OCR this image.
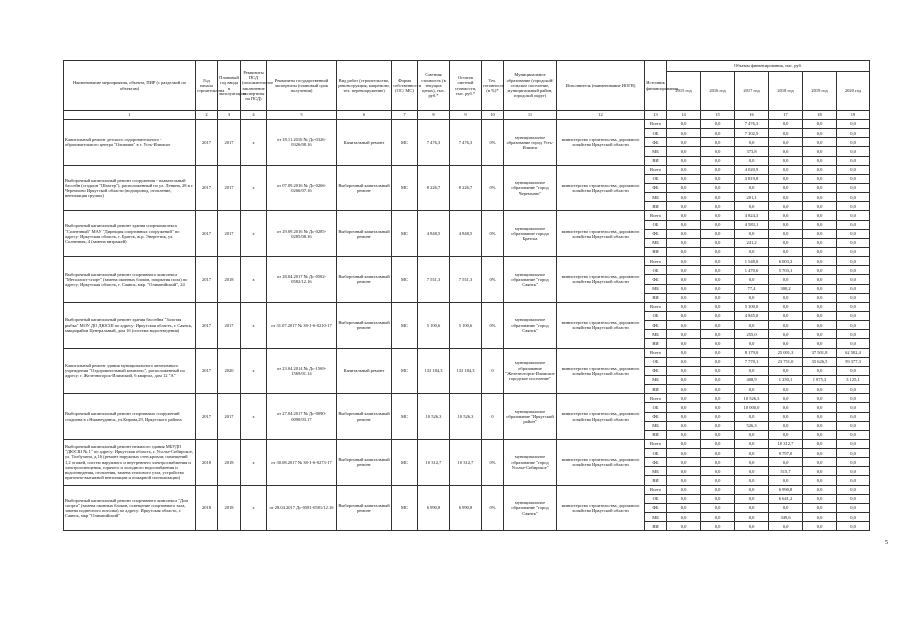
Наименование мероприятия, объекта, ПИР (с разделкой по объектам)	Год начала строительства	Плановый год ввода в эксплуатацию	Реквизиты ПСД (положительное заключение экспертизы на ПСД)	Реквизиты государственной экспертизы (плановый срок получения)	Вид работ (строительство, реконструкция, капремонт, тех. перевооружение)	Форма собственности (ОС/ МС)	Сметная стоимость (в текущих ценах), тыс. руб.*	Остаток сметной стоимости, тыс. руб.*	Тех. готовность (в %)*	Муниципальное образование (городской/сельское поселение, муниципальный район, городской округ)	Исполнитель (наименование ИОГВ)	Источник финансирования	Объемы финансирования, тыс. руб.					
													2015 год	2016 год	2017 год	2018 год	2019 год	2020 год
1	2	3	4	5	6	7	8	9	10	11	12	13	14	15	16	17	18	19
Капитальный ремонт детского оздоровительного - образовательного центра "Олимпик" в г. Усть-Илимске	2017	2017	x	от 18.11.2016 № Дс-0326-0326/08.16	Капитальный ремонт	МС	7 476,3	7 476,3	0%	муниципальное образование город Усть-Илимск	министерство строительства, дорожного хозяйства Иркутской области	Всего	0,0	0,0	7 476,3	0,0	0,0	0,0
												ОБ	0,0	0,0	7 102,5	0,0	0,0	0,0
												ФБ	0,0	0,0	0,0	0,0	0,0	0,0
												МБ	0,0	0,0	373,8	0,0	0,0	0,0
												ВИ	0,0	0,0	0,0	0,0	0,0	0,0
Выборочный капитальный ремонт сооружения - плавательный бассейн (стадион "Шахтер"), расположенный по ул. Ленина, 28 в г. Черемхово Иркутской области (водопровод, отопление, вентиляция группы)	2017	2017	x	от 07.09.2016 № Дс-0266-0266/07.16	Выборочный капитальный ремонт	МС	8 226,7	8 226,7	0%	муниципальное образование "город Черемхово"	министерство строительства, дорожного хозяйства Иркутской области	Всего	0,0	0,0	4 020,9	0,0	0,0	0,0
												ОБ	0,0	0,0	3 819,8	0,0	0,0	0,0
												ФБ	0,0	0,0	0,0	0,0	0,0	0,0
												МБ	0,0	0,0	201,1	0,0	0,0	0,0
												ВИ	0,0	0,0	0,0	0,0	0,0	0,0
Выборочный капитальный ремонт здания спорткомплекса "Солнечный" МАУ "Дирекция спортивных сооружений" по адресу: Иркутская область, г. Братск, ж.р. Энергетик, ул. Солнечная, 4 (замена витражей)	2017	2017	x	от 29.09.2016 № Дс-0285-0285/08.16	Выборочный капитальный ремонт	МС	4 848,5	4 848,5	0%	муниципальное образование города Братска	министерство строительства, дорожного хозяйства Иркутской области	Всего	0,0	0,0	4 824,3	0,0	0,0	0,0
												ОБ	0,0	0,0	4 583,1	0,0	0,0	0,0
												ФБ	0,0	0,0	0,0	0,0	0,0	0,0
												МБ	0,0	0,0	241,2	0,0	0,0	0,0
												ВИ	0,0	0,0	0,0	0,0	0,0	0,0
Выборочный капитальный ремонт спортивного комплекса "Металлист-спорт" (замена оконных блоков, покрытия пола) по адресу: Иркутская область, г. Саянск, мкр. "Олимпийский", 24	2017	2018	x	от 28.04.2017 № Дс-0582-0582/12.16	Выборочный капитальный ремонт	МС	7 551,3	7 551,3	0%	муниципальное образование "город Саянск"	министерство строительства, дорожного хозяйства Иркутской области	Всего	0,0	0,0	1 548,0	6 003,3	0,0	0,0
												ОБ	0,0	0,0	1 470,6	5 703,1	0,0	0,0
												ФБ	0,0	0,0	0,0	0,0	0,0	0,0
												МБ	0,0	0,0	77,4	300,2	0,0	0,0
												ВИ	0,0	0,0	0,0	0,0	0,0	0,0
Выборочный капитальный ремонт здания бассейна "Золотая рыбка" МОУ ДО ДЮСШ по адресу: Иркутская область, г. Саянск, микрорайон Центральный, дом 16 (система водоотведения)	2017	2017	x	от 31.07.2017 № 38-1-6-0210-17	Выборочный капитальный ремонт	МС	5 100,6	5 100,6	0%	муниципальное образование "город Саянск"	министерство строительства, дорожного хозяйства Иркутской области	Всего	0,0	0,0	5 100,0	0,0	0,0	0,0
												ОБ	0,0	0,0	4 845,0	0,0	0,0	0,0
												ФБ	0,0	0,0	0,0	0,0	0,0	0,0
												МБ	0,0	0,0	255,0	0,0	0,0	0,0
												ВИ	0,0	0,0	0,0	0,0	0,0	0,0
Капитальный ремонт здания муниципального автономного учреждения "Оздоровительный комплекс", расположенный по адресу: г. Железногорск-Илимский, 6 квартал, дом 12 "А"	2017	2020	x	от 23.04.2014 № Дс-1569-1569/01.14	Капитальный ремонт	МС	133 184,3	133 184,3	0	муниципальное образование "Железногорск-Илимское городское поселение"	министерство строительства, дорожного хозяйства Иркутской области	Всего	0,0	0,0	8 179,0	25 001,3	37 501,8	62 502,4
												ОБ	0,0	0,0	7 770,1	23 751,0	35 626,5	59 377,3
												ФБ	0,0	0,0	0,0	0,0	0,0	0,0
												МБ	0,0	0,0	408,9	1 250,1	1 875,3	3 125,1
												ВИ	0,0	0,0	0,0	0,0	0,0	0,0
Выборочный капитальный ремонт спортивных сооружений стадиона в г.Нижнеудинск, ул.Кирова,29, Иркутского района	2017	2017	x	от 27.04.2017 № Дс-0090-0090/03.17	Выборочный капитальный ремонт	МС	10 526,3	10 526,3	0	муниципальное образование "Иркутский район"	министерство строительства, дорожного хозяйства Иркутской области	Всего	0,0	0,0	10 526,3	0,0	0,0	0,0
												ОБ	0,0	0,0	10 000,0	0,0	0,0	0,0
												ФБ	0,0	0,0	0,0	0,0	0,0	0,0
												МБ	0,0	0,0	526,3	0,0	0,0	0,0
												ВИ	0,0	0,0	0,0	0,0	0,0	0,0
Выборочный капитальный ремонт нежилого здания МБУДО "ДЮСШ № 1" по адресу: Иркутская область, г. Усолье-Сибирское, ул. Толбухина, д.16 (ремонт наружных стен,кровли; помещений 1,2 этажей, систем наружного и внутреннего электроснабжения и электроосвещения, горячего и холодного водоснабжения и водоотведения, отопления, замена теплового узла, устройство приточно-вытяжной вентиляции и пожарной сигнализации)	2018	2018	x	от 30.08.2017 № 38-1-6-0273-17	Выборочный капитальный ремонт	МС	10 312,7	10 312,7	0%	муниципальное образование "город Усолье-Сибирское"	министерство строительства, дорожного хозяйства Иркутской области	Всего	0,0	0,0	0,0	10 312,7	0,0	0,0
												ОБ	0,0	0,0	0,0	9 797,0	0,0	0,0
												ФБ	0,0	0,0	0,0	0,0	0,0	0,0
												МБ	0,0	0,0	0,0	515,7	0,0	0,0
												ВИ	0,0	0,0	0,0	0,0	0,0	0,0
Выборочный капитальный ремонт спортивного комплекса "Дом спорта" (замена оконных блоков, освещение спортивного зала, замена подвесного потолка) по адресу: Иркутская область, г. Саянск, мкр "Олимпийский"	2018	2018	x	от 28.04.2017 Дс-0581-0581/12.16	Выборочный капитальный ремонт	МС	6 990,8	6 990,8	0%	муниципальное образование "город Саянск"	министерство строительства, дорожного хозяйства Иркутской области	Всего	0,0	0,0	0,0	6 990,8	0,0	0,0
												ОБ	0,0	0,0	0,0	6 641,2	0,0	0,0
												ФБ	0,0	0,0	0,0	0,0	0,0	0,0
												МБ	0,0	0,0	0,0	349,6	0,0	0,0
												ВИ	0,0	0,0	0,0	0,0	0,0	0,0
5
